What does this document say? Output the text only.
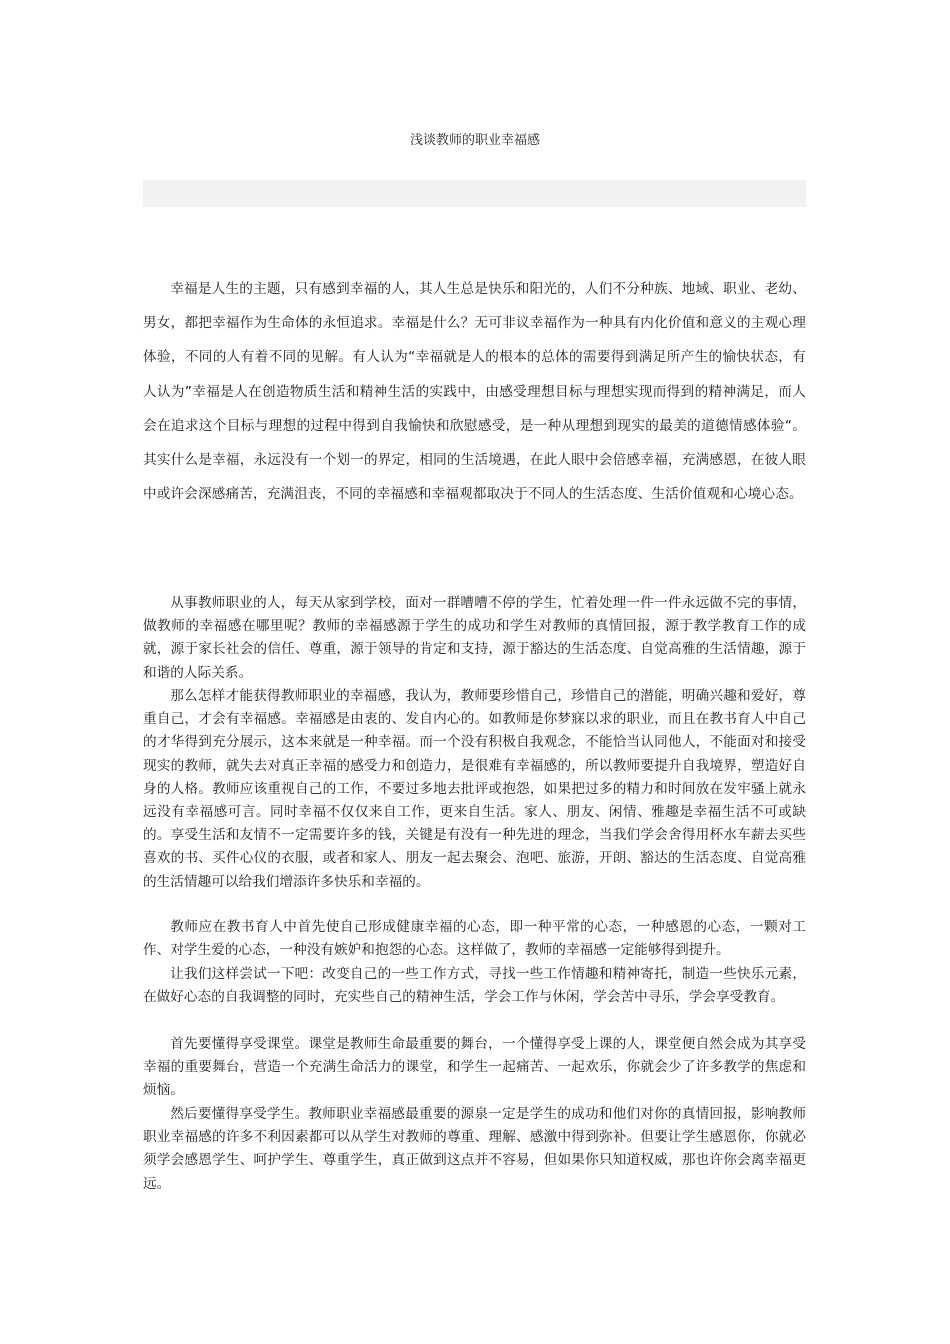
浅谈教师的职业幸福感

幸福是人生的主题，只有感到幸福的人，其人生总是快乐和阳光的，人们不分种族、地域、职业、老幼、男女，都把幸福作为生命体的永恒追求。幸福是什么？无可非议幸福作为一种具有内化价值和意义的主观心理体验，不同的人有着不同的见解。有人认为“幸福就是人的根本的总体的需要得到满足所产生的愉快状态，有人认为”幸福是人在创造物质生活和精神生活的实践中，由感受理想目标与理想实现而得到的精神满足，而人会在追求这个目标与理想的过程中得到自我愉快和欣慰感受，是一种从理想到现实的最美的道德情感体验“。其实什么是幸福，永远没有一个划一的界定，相同的生活境遇，在此人眼中会倍感幸福，充满感恩，在彼人眼中或许会深感痛苦，充满沮丧，不同的幸福感和幸福观都取决于不同人的生活态度、生活价值观和心境心态。

从事教师职业的人，每天从家到学校，面对一群嘈嘈不停的学生，忙着处理一件一件永远做不完的事情，做教师的幸福感在哪里呢？教师的幸福感源于学生的成功和学生对教师的真情回报，源于教学教育工作的成就，源于家长社会的信任、尊重，源于领导的肯定和支持，源于豁达的生活态度、自觉高雅的生活情趣，源于和谐的人际关系。

那么怎样才能获得教师职业的幸福感，我认为，教师要珍惜自己，珍惜自己的潜能，明确兴趣和爱好，尊重自己，才会有幸福感。幸福感是由衷的、发自内心的。如教师是你梦寐以求的职业，而且在教书育人中自己的才华得到充分展示，这本来就是一种幸福。而一个没有积极自我观念，不能恰当认同他人，不能面对和接受现实的教师，就失去对真正幸福的感受力和创造力，是很难有幸福感的，所以教师要提升自我境界，塑造好自身的人格。教师应该重视自己的工作，不要过多地去批评或抱怨，如果把过多的精力和时间放在发牢骚上就永远没有幸福感可言。同时幸福不仅仅来自工作，更来自生活。家人、朋友、闲情、雅趣是幸福生活不可或缺的。享受生活和友情不一定需要许多的钱，关键是有没有一种先进的理念，当我们学会舍得用杯水车薪去买些喜欢的书、买件心仪的衣服，或者和家人、朋友一起去聚会、泡吧、旅游，开朗、豁达的生活态度、自觉高雅的生活情趣可以给我们增添许多快乐和幸福的。

教师应在教书育人中首先使自己形成健康幸福的心态，即一种平常的心态，一种感恩的心态，一颗对工作、对学生爱的心态，一种没有嫉妒和抱怨的心态。这样做了，教师的幸福感一定能够得到提升。

让我们这样尝试一下吧：改变自己的一些工作方式，寻找一些工作情趣和精神寄托，制造一些快乐元素，在做好心态的自我调整的同时，充实些自己的精神生活，学会工作与休闲，学会苦中寻乐，学会享受教育。

首先要懂得享受课堂。课堂是教师生命最重要的舞台，一个懂得享受上课的人，课堂便自然会成为其享受幸福的重要舞台，营造一个充满生命活力的课堂，和学生一起痛苦、一起欢乐，你就会少了许多教学的焦虑和烦恼。

然后要懂得享受学生。教师职业幸福感最重要的源泉一定是学生的成功和他们对你的真情回报，影响教师职业幸福感的许多不利因素都可以从学生对教师的尊重、理解、感激中得到弥补。但要让学生感恩你，你就必须学会感恩学生、呵护学生、尊重学生，真正做到这点并不容易，但如果你只知道权威，那也许你会离幸福更远。
